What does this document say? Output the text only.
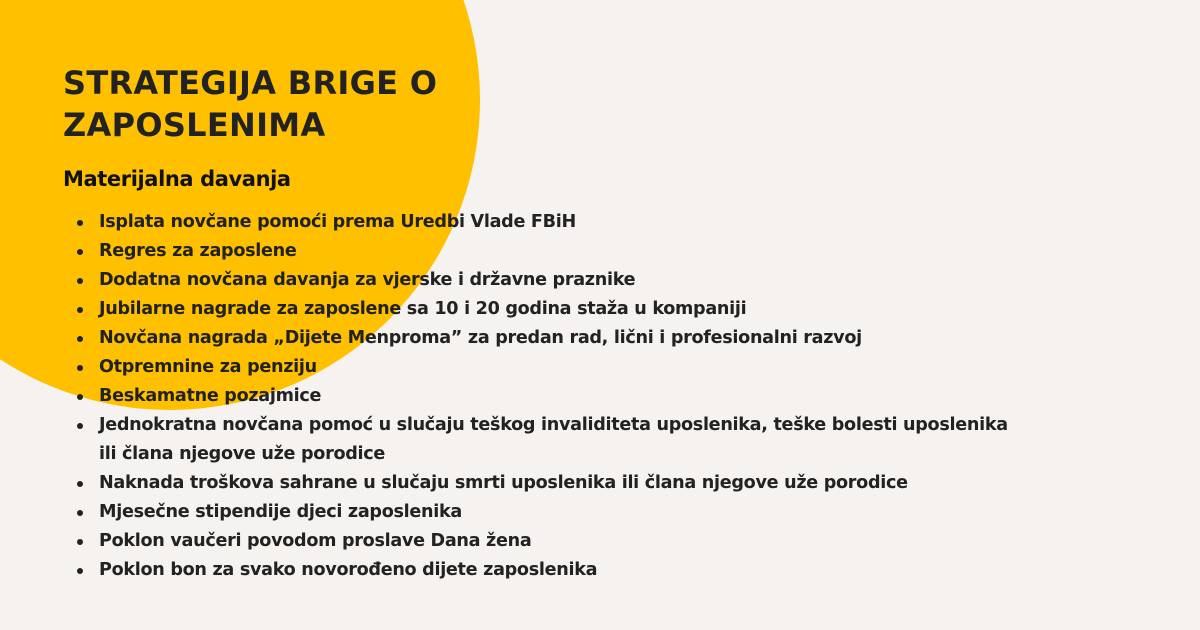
STRATEGIJA BRIGE O ZAPOSLENIMA
Materijalna davanja
Isplata novčane pomoći prema Uredbi Vlade FBiH
Regres za zaposlene
Dodatna novčana davanja za vjerske i državne praznike
Jubilarne nagrade za zaposlene sa 10 i 20 godina staža u kompaniji
Novčana nagrada „Dijete Menproma” za predan rad, lični i profesionalni razvoj
Otpremnine za penziju
Beskamatne pozajmice
Jednokratna novčana pomoć u slučaju teškog invaliditeta uposlenika, teške bolesti uposlenika ili člana njegove uže porodice
Naknada troškova sahrane u slučaju smrti uposlenika ili člana njegove uže porodice
Mjesečne stipendije djeci zaposlenika
Poklon vaučeri povodom proslave Dana žena
Poklon bon za svako novorođeno dijete zaposlenika
